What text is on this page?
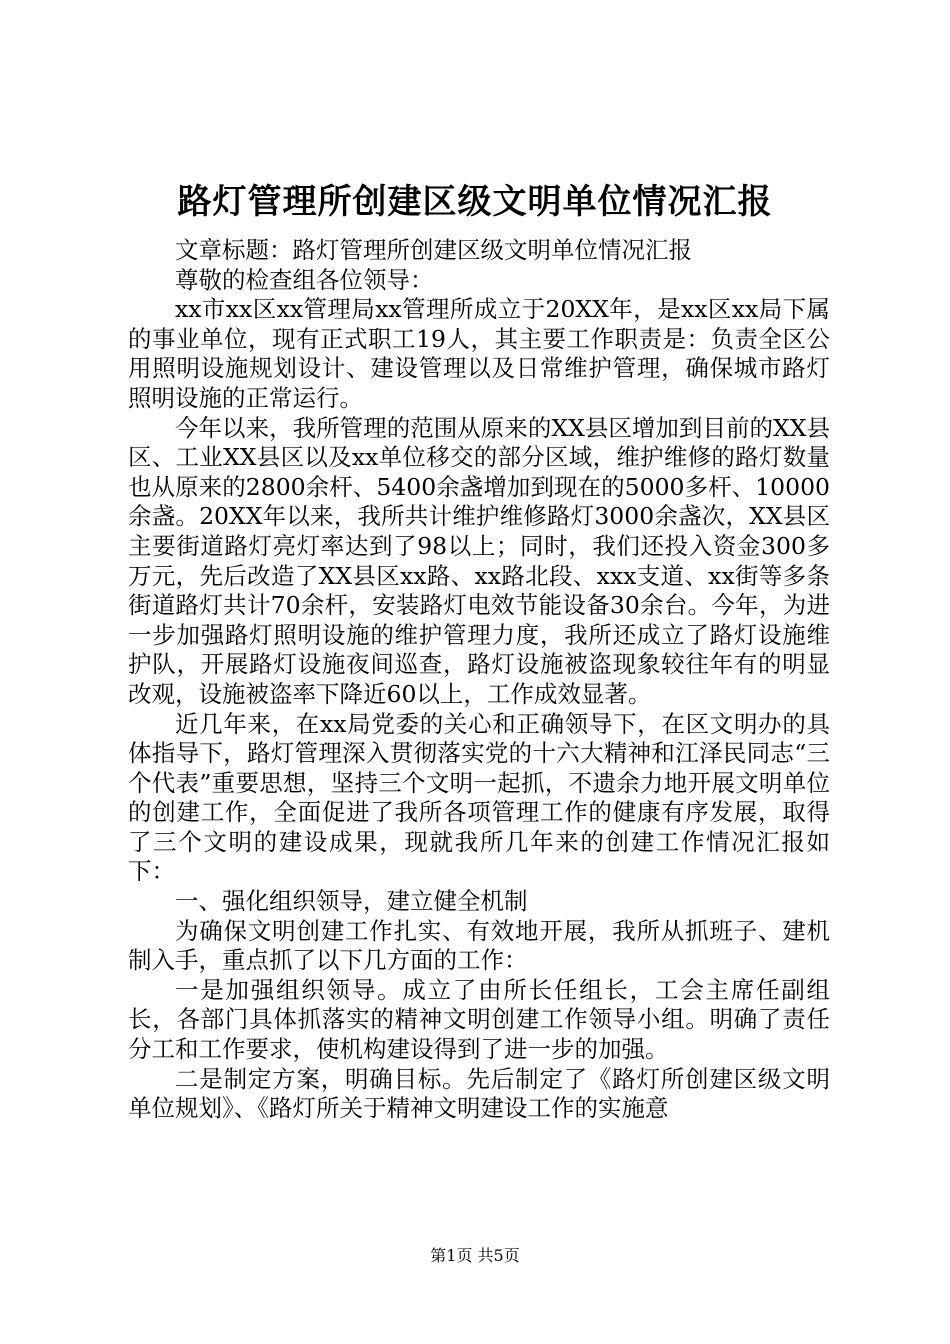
路灯管理所创建区级文明单位情况汇报

文章标题：路灯管理所创建区级文明单位情况汇报

尊敬的检查组各位领导：

xx市xx区xx管理局xx管理所成立于20XX年，是xx区xx局下属的事业单位，现有正式职工19人，其主要工作职责是：负责全区公用照明设施规划设计、建设管理以及日常维护管理，确保城市路灯照明设施的正常运行。

今年以来，我所管理的范围从原来的XX县区增加到目前的XX县区、工业XX县区以及xx单位移交的部分区域，维护维修的路灯数量也从原来的2800余杆、5400余盏增加到现在的5000多杆、10000余盏。20XX年以来，我所共计维护维修路灯3000余盏次，XX县区主要街道路灯亮灯率达到了98以上；同时，我们还投入资金300多万元，先后改造了XX县区xx路、xx路北段、xxx支道、xx街等多条街道路灯共计70余杆，安装路灯电效节能设备30余台。今年，为进一步加强路灯照明设施的维护管理力度，我所还成立了路灯设施维护队，开展路灯设施夜间巡查，路灯设施被盗现象较往年有的明显改观，设施被盗率下降近60以上，工作成效显著。

近几年来，在xx局党委的关心和正确领导下，在区文明办的具体指导下，路灯管理深入贯彻落实党的十六大精神和江泽民同志“三个代表”重要思想，坚持三个文明一起抓，不遗余力地开展文明单位的创建工作，全面促进了我所各项管理工作的健康有序发展，取得了三个文明的建设成果，现就我所几年来的创建工作情况汇报如下：

一、强化组织领导，建立健全机制

为确保文明创建工作扎实、有效地开展，我所从抓班子、建机制入手，重点抓了以下几方面的工作：

一是加强组织领导。成立了由所长任组长，工会主席任副组长，各部门具体抓落实的精神文明创建工作领导小组。明确了责任分工和工作要求，使机构建设得到了进一步的加强。

二是制定方案，明确目标。先后制定了《路灯所创建区级文明单位规划》、《路灯所关于精神文明建设工作的实施意

第1页 共5页
